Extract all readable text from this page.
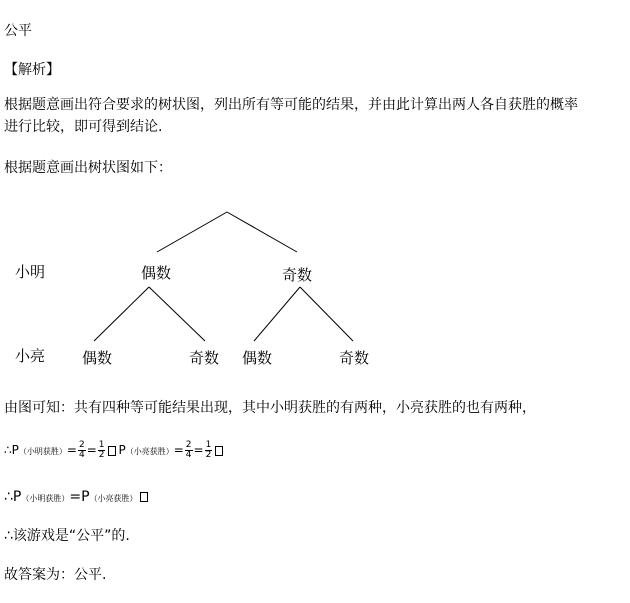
公平
【解析】
根据题意画出符合要求的树状图，列出所有等可能的结果，并由此计算出两人各自获胜的概率
进行比较，即可得到结论.
根据题意画出树状图如下：
小明
小亮
偶数	奇数
偶数	奇数 偶数	奇数
由图可知：共有四种等可能结果出现，其中小明获胜的有两种，小亮获胜的也有两种，
∴P（小明获胜）= $\frac{2}{4} = \frac{1}{2} P$（小亮获胜）= $\frac{2}{4} = \frac{1}{2}$
∴P（小明获胜）=P（小亮获胜）
∴该游戏是“公平”的.
故答案为：公平.
